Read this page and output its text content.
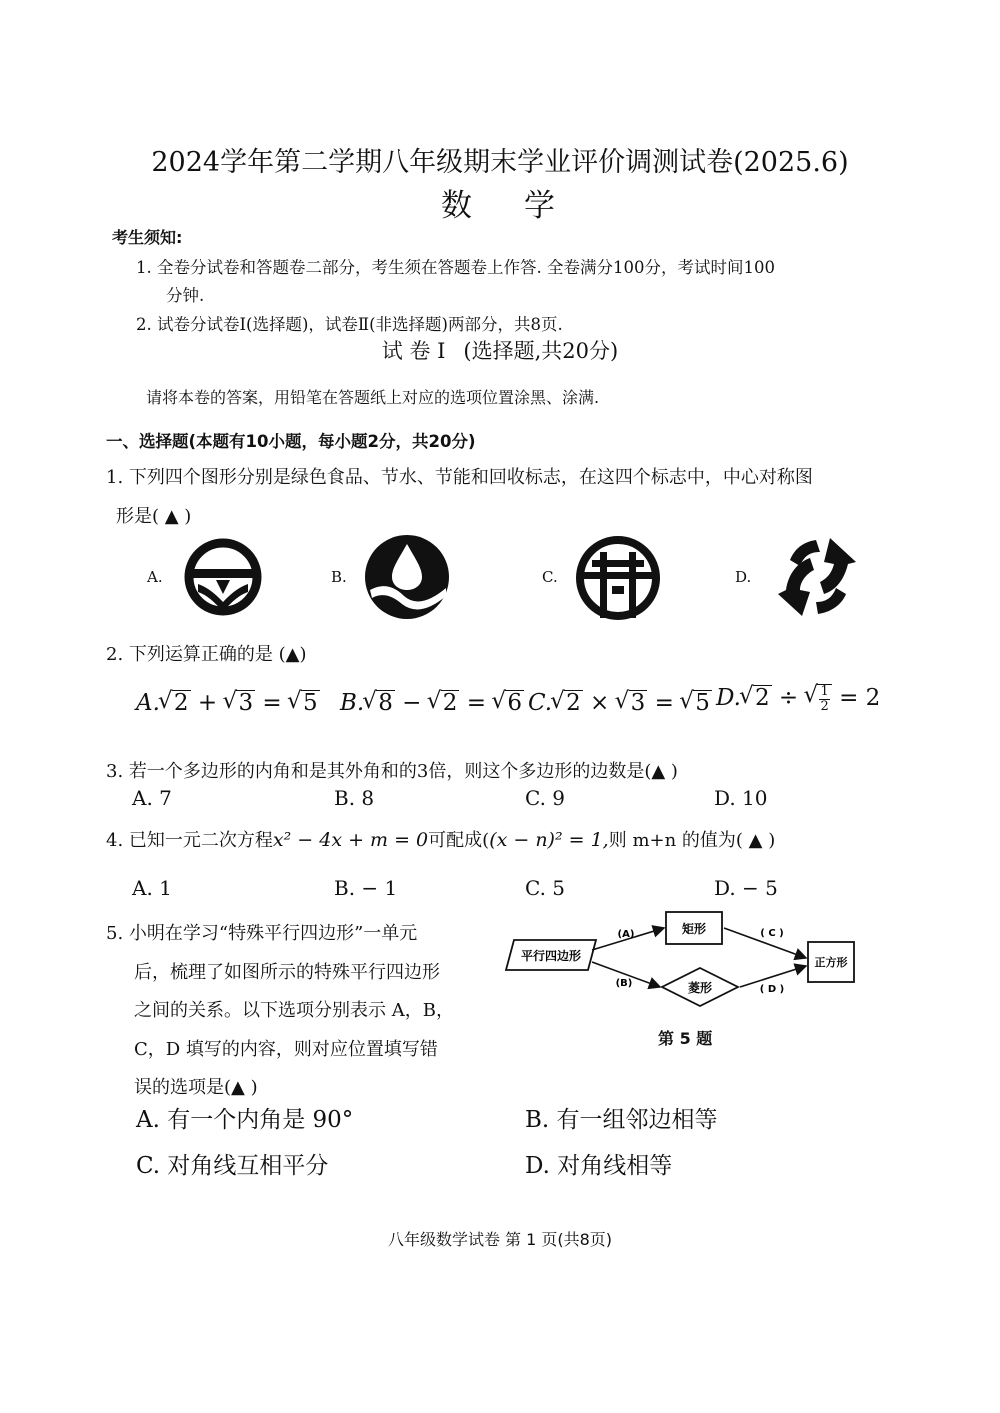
2024学年第二学期八年级期末学业评价调测试卷(2025.6)
数 学
考生须知:
1. 全卷分试卷和答题卷二部分，考生须在答题卷上作答. 全卷满分100分，考试时间100
分钟.
2. 试卷分试卷Ⅰ(选择题)，试卷Ⅱ(非选择题)两部分，共8页.
试 卷 Ⅰ (选择题,共20分)
请将本卷的答案，用铅笔在答题纸上对应的选项位置涂黑、涂满.
一、选择题(本题有10小题，每小题2分，共20分)
1. 下列四个图形分别是绿色食品、节水、节能和回收标志，在这四个标志中，中心对称图
形是( ▲ )
A.	B.	C.	D.
2. 下列运算正确的是 (▲)
A. √ 2 + √ 3 = √ 5 B. √ 8 − √ 2 = √ 6 C. √ 2 × √ 3 = √ 5 D. √ 2 ÷ √ $\frac{1}{2} = 2$
3. 若一个多边形的内角和是其外角和的3倍，则这个多边形的边数是(▲ )
A. 7	B. 8	C. 9	D. 10
4. 已知一元二次方程x² − 4x + m = 0可配成((x − n)² = 1,则 m+n 的值为( ▲ )
A. 1	B. − 1	C. 5	D. − 5
5. 小明在学习“特殊平行四边形”一单元
后，梳理了如图所示的特殊平行四边形
之间的关系。以下选项分别表示 A，B，
C，D 填写的内容，则对应位置填写错
误的选项是(▲ )
平行四边形
矩形
菱形
正方形
(A)
(B)
( C )
( D )
第 5 题
A. 有一个内角是 90°	B. 有一组邻边相等
C. 对角线互相平分	D. 对角线相等
八年级数学试卷 第 1 页(共8页)
